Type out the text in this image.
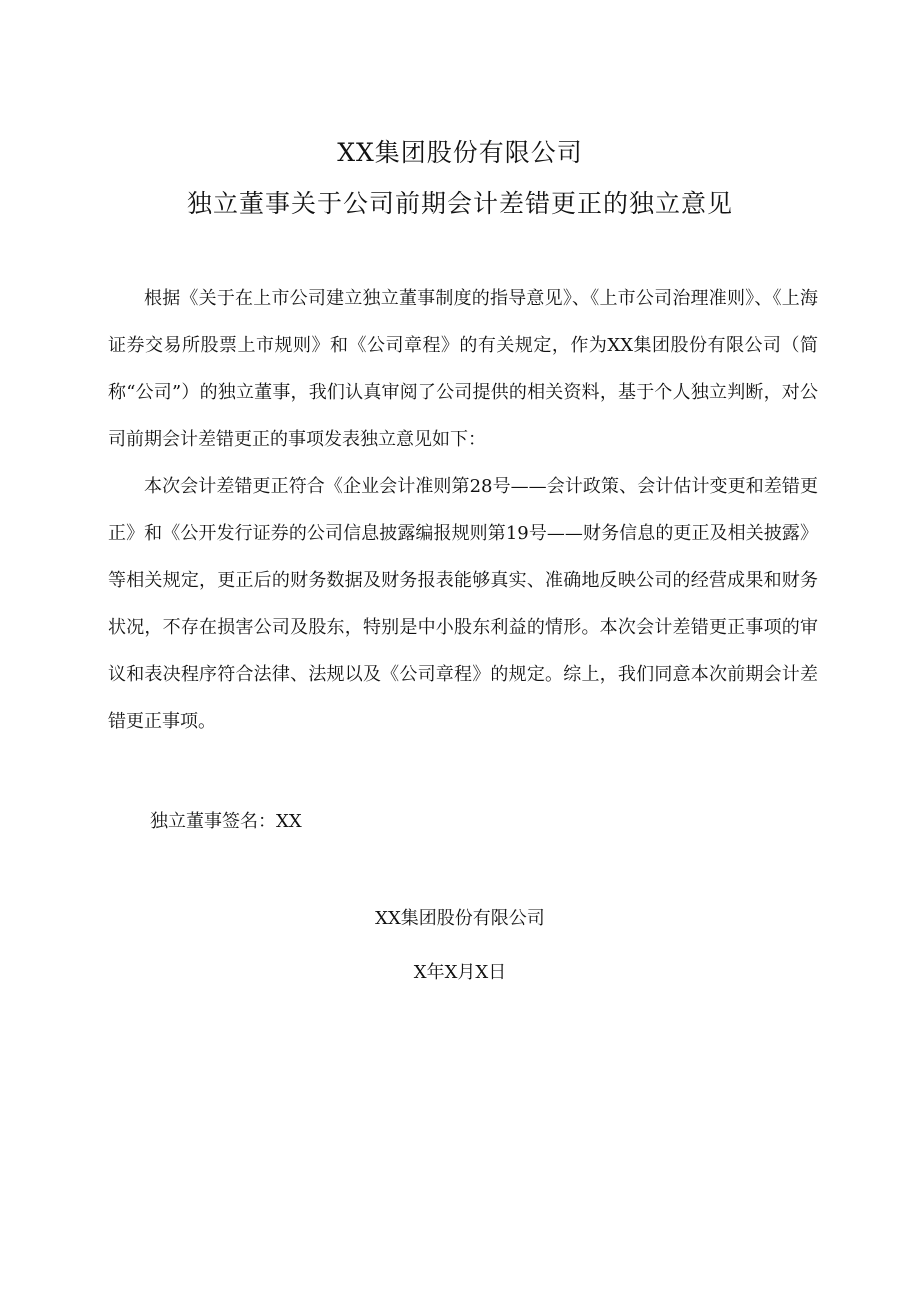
XX集团股份有限公司
独立董事关于公司前期会计差错更正的独立意见

根据《关于在上市公司建立独立董事制度的指导意见》、《上市公司治理准则》、《上海证券交易所股票上市规则》和《公司章程》的有关规定，作为XX集团股份有限公司（简称“公司”）的独立董事，我们认真审阅了公司提供的相关资料，基于个人独立判断，对公司前期会计差错更正的事项发表独立意见如下：

本次会计差错更正符合《企业会计准则第28号——会计政策、会计估计变更和差错更正》和《公开发行证券的公司信息披露编报规则第19号——财务信息的更正及相关披露》等相关规定，更正后的财务数据及财务报表能够真实、准确地反映公司的经营成果和财务状况，不存在损害公司及股东，特别是中小股东利益的情形。本次会计差错更正事项的审议和表决程序符合法律、法规以及《公司章程》的规定。综上，我们同意本次前期会计差错更正事项。

独立董事签名：XX
XX集团股份有限公司
X年X月X日
